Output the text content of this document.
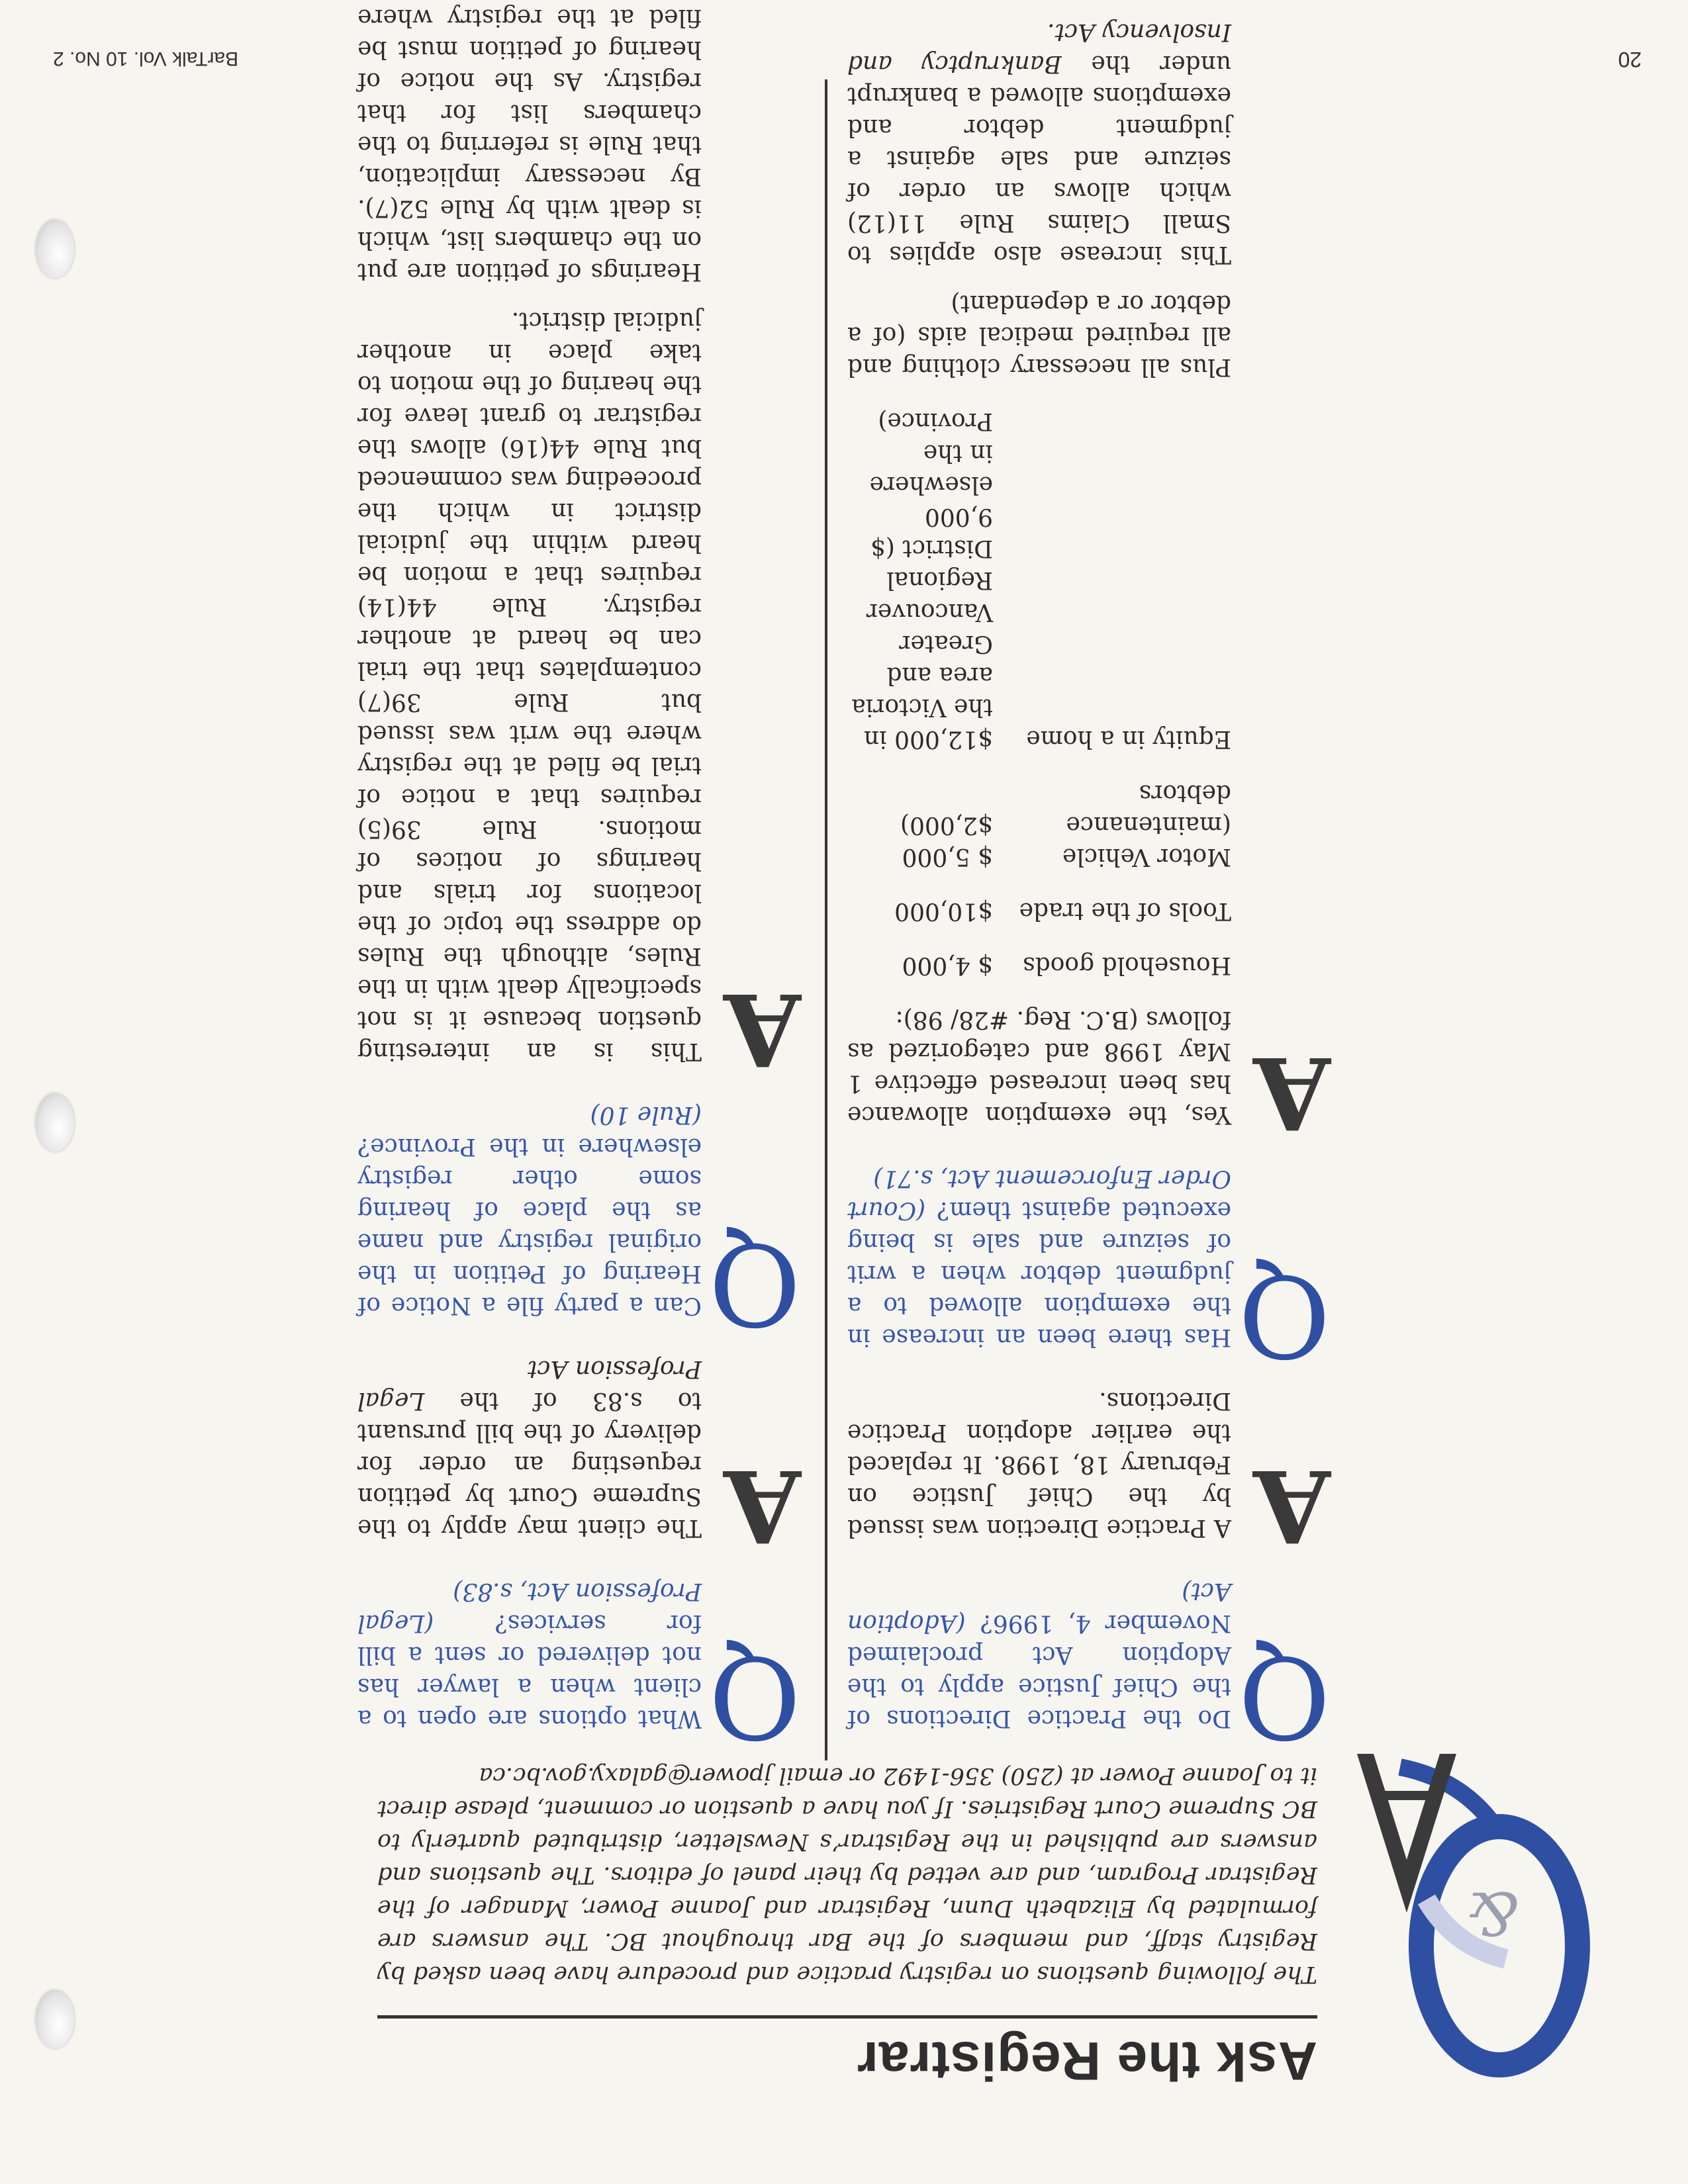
&
Ask the Registrar
The following questions on registry practice and procedure have been asked by Registry staff, and members of the Bar throughout BC. The answers are formulated by Elizabeth Dunn, Registrar and Joanne Power, Manager of the Registrar Program, and are vetted by their panel of editors. The questions and answers are published in the Registrar’s Newsletter, distributed quarterly to BC Supreme Court Registries. If you have a question or comment, please direct it to Joanne Power at (250) 356-1492 or email jpower@galaxy.gov.bc.ca
Q
Do the Practice Directions of the Chief Justice apply to the Adoption Act proclaimed November 4, 1996? (Adoption Act)
A
A Practice Direction was issued by the Chief Justice on February 18, 1998. It replaced the earlier adoption Practice Directions.
Q
Has there been an increase in the exemption allowed to a judgment debtor when a writ of seizure and sale is being executed against them? (Court Order Enforcement Act, s.71)
A
Yes, the exemption allowance has been increased effective 1 May 1998 and categorized as follows (B.C. Reg. #28/ 98):
Household goods
$ 4,000
Tools of the trade
$10,000
Motor Vehicle
$ 5,000
(maintenance debtors
$2,000)
Equity in a home
$12,000 in the Victoria area and Greater Vancouver Regional District ($ 9,000 elsewhere in the Province)
Plus all necessary clothing and all required medical aids (of a debtor or a dependant)
This increase also applies to Small Claims Rule 11(12) which allows an order of seizure and sale against a judgment debtor and exemptions allowed a bankrupt under the Bankruptcy and Insolvency Act.
Q
What options are open to a client when a lawyer has not delivered or sent a bill for services? (Legal Profession Act, s.83)
A
The client may apply to the Supreme Court by petition requesting an order for delivery of the bill pursuant to s.83 of the Legal Profession Act
Q
Can a party file a Notice of Hearing of Petition in the original registry and name as the place of hearing some other registry elsewhere in the Province? (Rule 10)
A
This is an interesting question because it is not specifically dealt with in the Rules, although the Rules do address the topic of the locations for trials and hearings of notices of motions. Rule 39(5) requires that a notice of trial be filed at the registry where the writ was issued but Rule 39(7) contemplates that the trial can be heard at another registry. Rule 44(14) requires that a motion be heard within the judicial district in which the proceeding was commenced but Rule 44(16) allows the registrar to grant leave for the hearing of the motion to take place in another judicial district.
Hearings of petition are put on the chambers list, which is dealt with by Rule 52(7). By necessary implication, that Rule is referring to the chambers list for that registry. As the notice of hearing of petition must be filed at the registry where
BarTalk Vol. 10 No. 2	20
